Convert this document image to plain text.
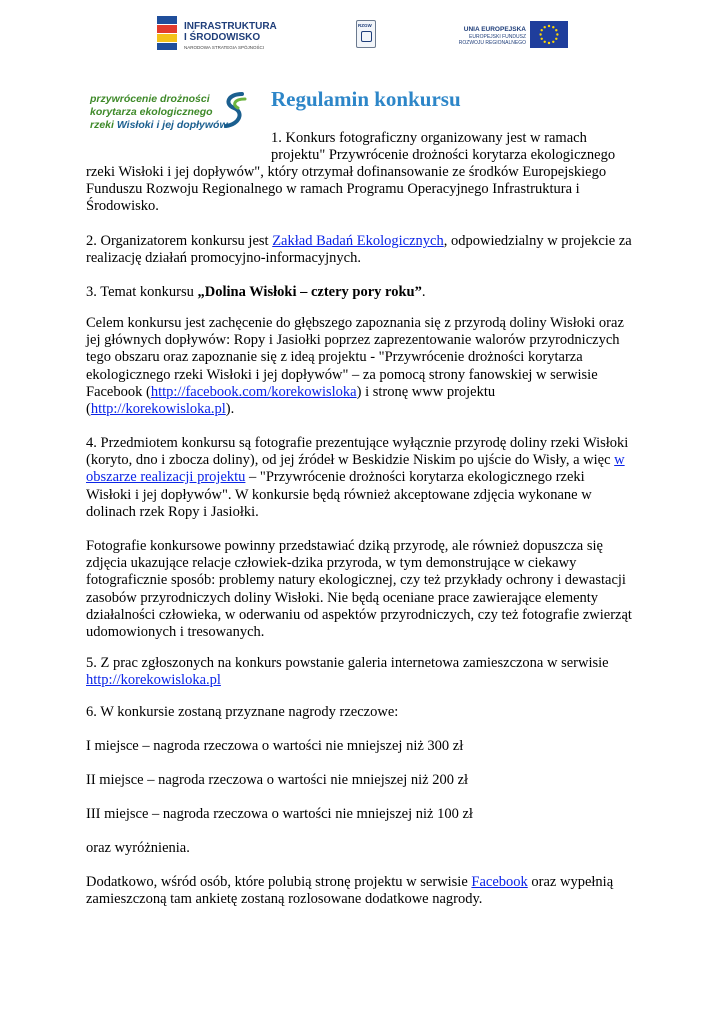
INFRASTRUKTURA
I ŚRODOWISKO
NARODOWA STRATEGIA SPÓJNOŚCI
RZGW
UNIA EUROPEJSKA
EUROPEJSKI FUNDUSZ
ROZWOJU REGIONALNEGO
przywrócenie drożności
korytarza ekologicznego
rzeki Wisłoki i jej dopływów
Regulamin konkursu
1. Konkurs fotograficzny organizowany jest w ramach
projektu" Przywrócenie drożności korytarza ekologicznego
rzeki Wisłoki i jej dopływów", który otrzymał dofinansowanie ze środków Europejskiego
Funduszu Rozwoju Regionalnego w ramach Programu Operacyjnego Infrastruktura i
Środowisko.
2. Organizatorem konkursu jest Zakład Badań Ekologicznych, odpowiedzialny w projekcie za
realizację działań promocyjno-informacyjnych.
3. Temat konkursu „Dolina Wisłoki – cztery pory roku”.
Celem konkursu jest zachęcenie do głębszego zapoznania się z przyrodą doliny Wisłoki oraz
jej głównych dopływów: Ropy i Jasiołki poprzez zaprezentowanie walorów przyrodniczych
tego obszaru oraz zapoznanie się z ideą projektu - "Przywrócenie drożności korytarza
ekologicznego rzeki Wisłoki i jej dopływów" – za pomocą strony fanowskiej w serwisie
Facebook (http://facebook.com/korekowisloka) i stronę www projektu
(http://korekowisloka.pl).
4. Przedmiotem konkursu są fotografie prezentujące wyłącznie przyrodę doliny rzeki Wisłoki
(koryto, dno i zbocza doliny), od jej źródeł w Beskidzie Niskim po ujście do Wisły, a więc w
obszarze realizacji projektu – "Przywrócenie drożności korytarza ekologicznego rzeki
Wisłoki i jej dopływów". W konkursie będą również akceptowane zdjęcia wykonane w
dolinach rzek Ropy i Jasiołki.
Fotografie konkursowe powinny przedstawiać dziką przyrodę, ale również dopuszcza się
zdjęcia ukazujące relacje człowiek-dzika przyroda, w tym demonstrujące w ciekawy
fotograficznie sposób: problemy natury ekologicznej, czy też przykłady ochrony i dewastacji
zasobów przyrodniczych doliny Wisłoki. Nie będą oceniane prace zawierające elementy
działalności człowieka, w oderwaniu od aspektów przyrodniczych, czy też fotografie zwierząt
udomowionych i tresowanych.
5. Z prac zgłoszonych na konkurs powstanie galeria internetowa zamieszczona w serwisie
http://korekowisloka.pl
6. W konkursie zostaną przyznane nagrody rzeczowe:
I miejsce – nagroda rzeczowa o wartości nie mniejszej niż 300 zł
II miejsce – nagroda rzeczowa o wartości nie mniejszej niż 200 zł
III miejsce – nagroda rzeczowa o wartości nie mniejszej niż 100 zł
oraz wyróżnienia.
Dodatkowo, wśród osób, które polubią stronę projektu w serwisie Facebook oraz wypełnią
zamieszczoną tam ankietę zostaną rozlosowane dodatkowe nagrody.
